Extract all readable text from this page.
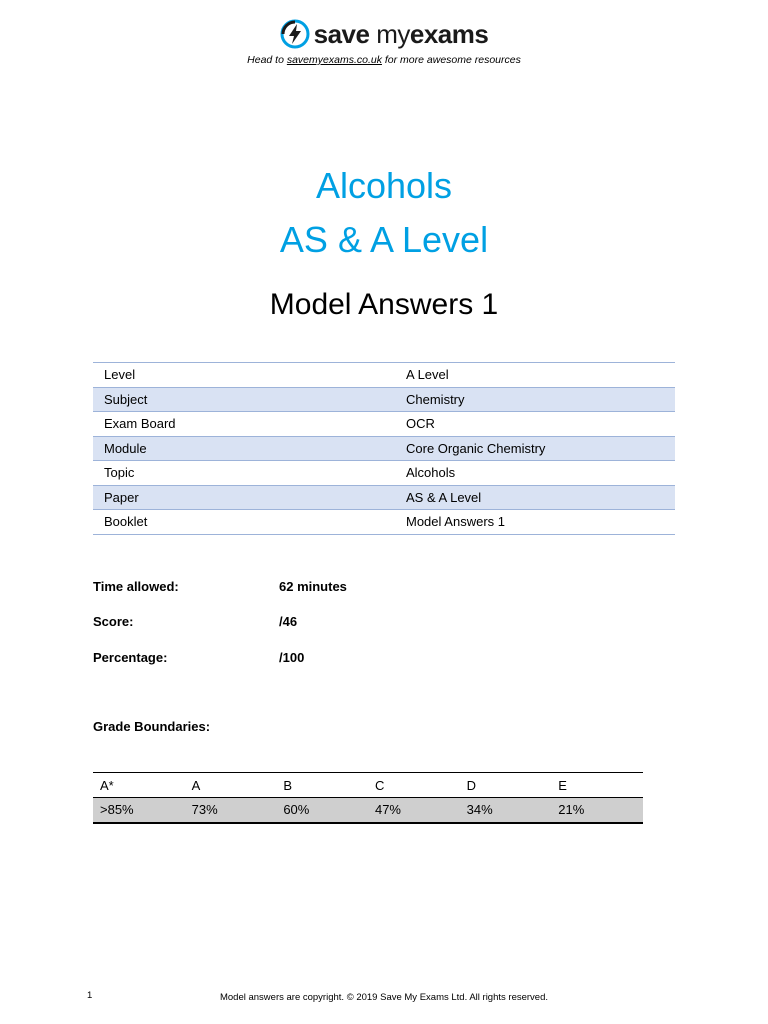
save myexams
Head to savemyexams.co.uk for more awesome resources
Alcohols
AS & A Level
Model Answers 1
Level	A Level
Subject	Chemistry
Exam Board	OCR
Module	Core Organic Chemistry
Topic	Alcohols
Paper	AS & A Level
Booklet	Model Answers 1
Time allowed:	62 minutes
Score:	/46
Percentage:	/100
Grade Boundaries:
A*	A	B	C	D	E
>85%	73%	60%	47%	34%	21%
1	Model answers are copyright. © 2019 Save My Exams Ltd. All rights reserved.
